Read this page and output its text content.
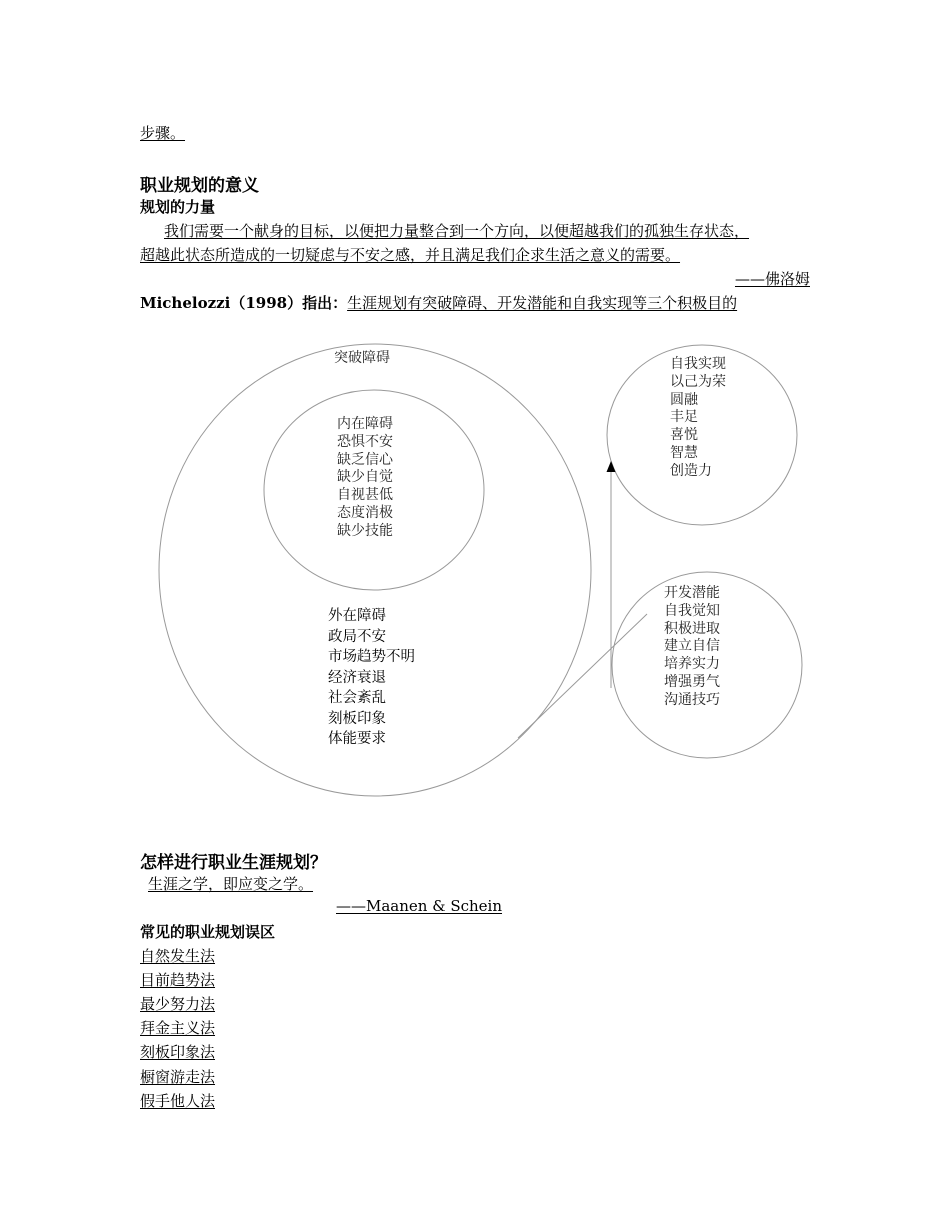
步骤。
职业规划的意义
规划的力量
我们需要一个献身的目标，以便把力量整合到一个方向，以便超越我们的孤独生存状态，
超越此状态所造成的一切疑虑与不安之感，并且满足我们企求生活之意义的需要。
——佛洛姆
Michelozzi（1998）指出：生涯规划有突破障碍、开发潜能和自我实现等三个积极目的
突破障碍
内在障碍
恐惧不安
缺乏信心
缺少自觉
自视甚低
态度消极
缺少技能
外在障碍
政局不安
市场趋势不明
经济衰退
社会紊乱
刻板印象
体能要求
自我实现
以己为荣
圆融
丰足
喜悦
智慧
创造力
开发潜能
自我觉知
积极进取
建立自信
培养实力
增强勇气
沟通技巧
怎样进行职业生涯规划？
生涯之学，即应变之学。
——Maanen & Schein
常见的职业规划误区
自然发生法
目前趋势法
最少努力法
拜金主义法
刻板印象法
橱窗游走法
假手他人法
